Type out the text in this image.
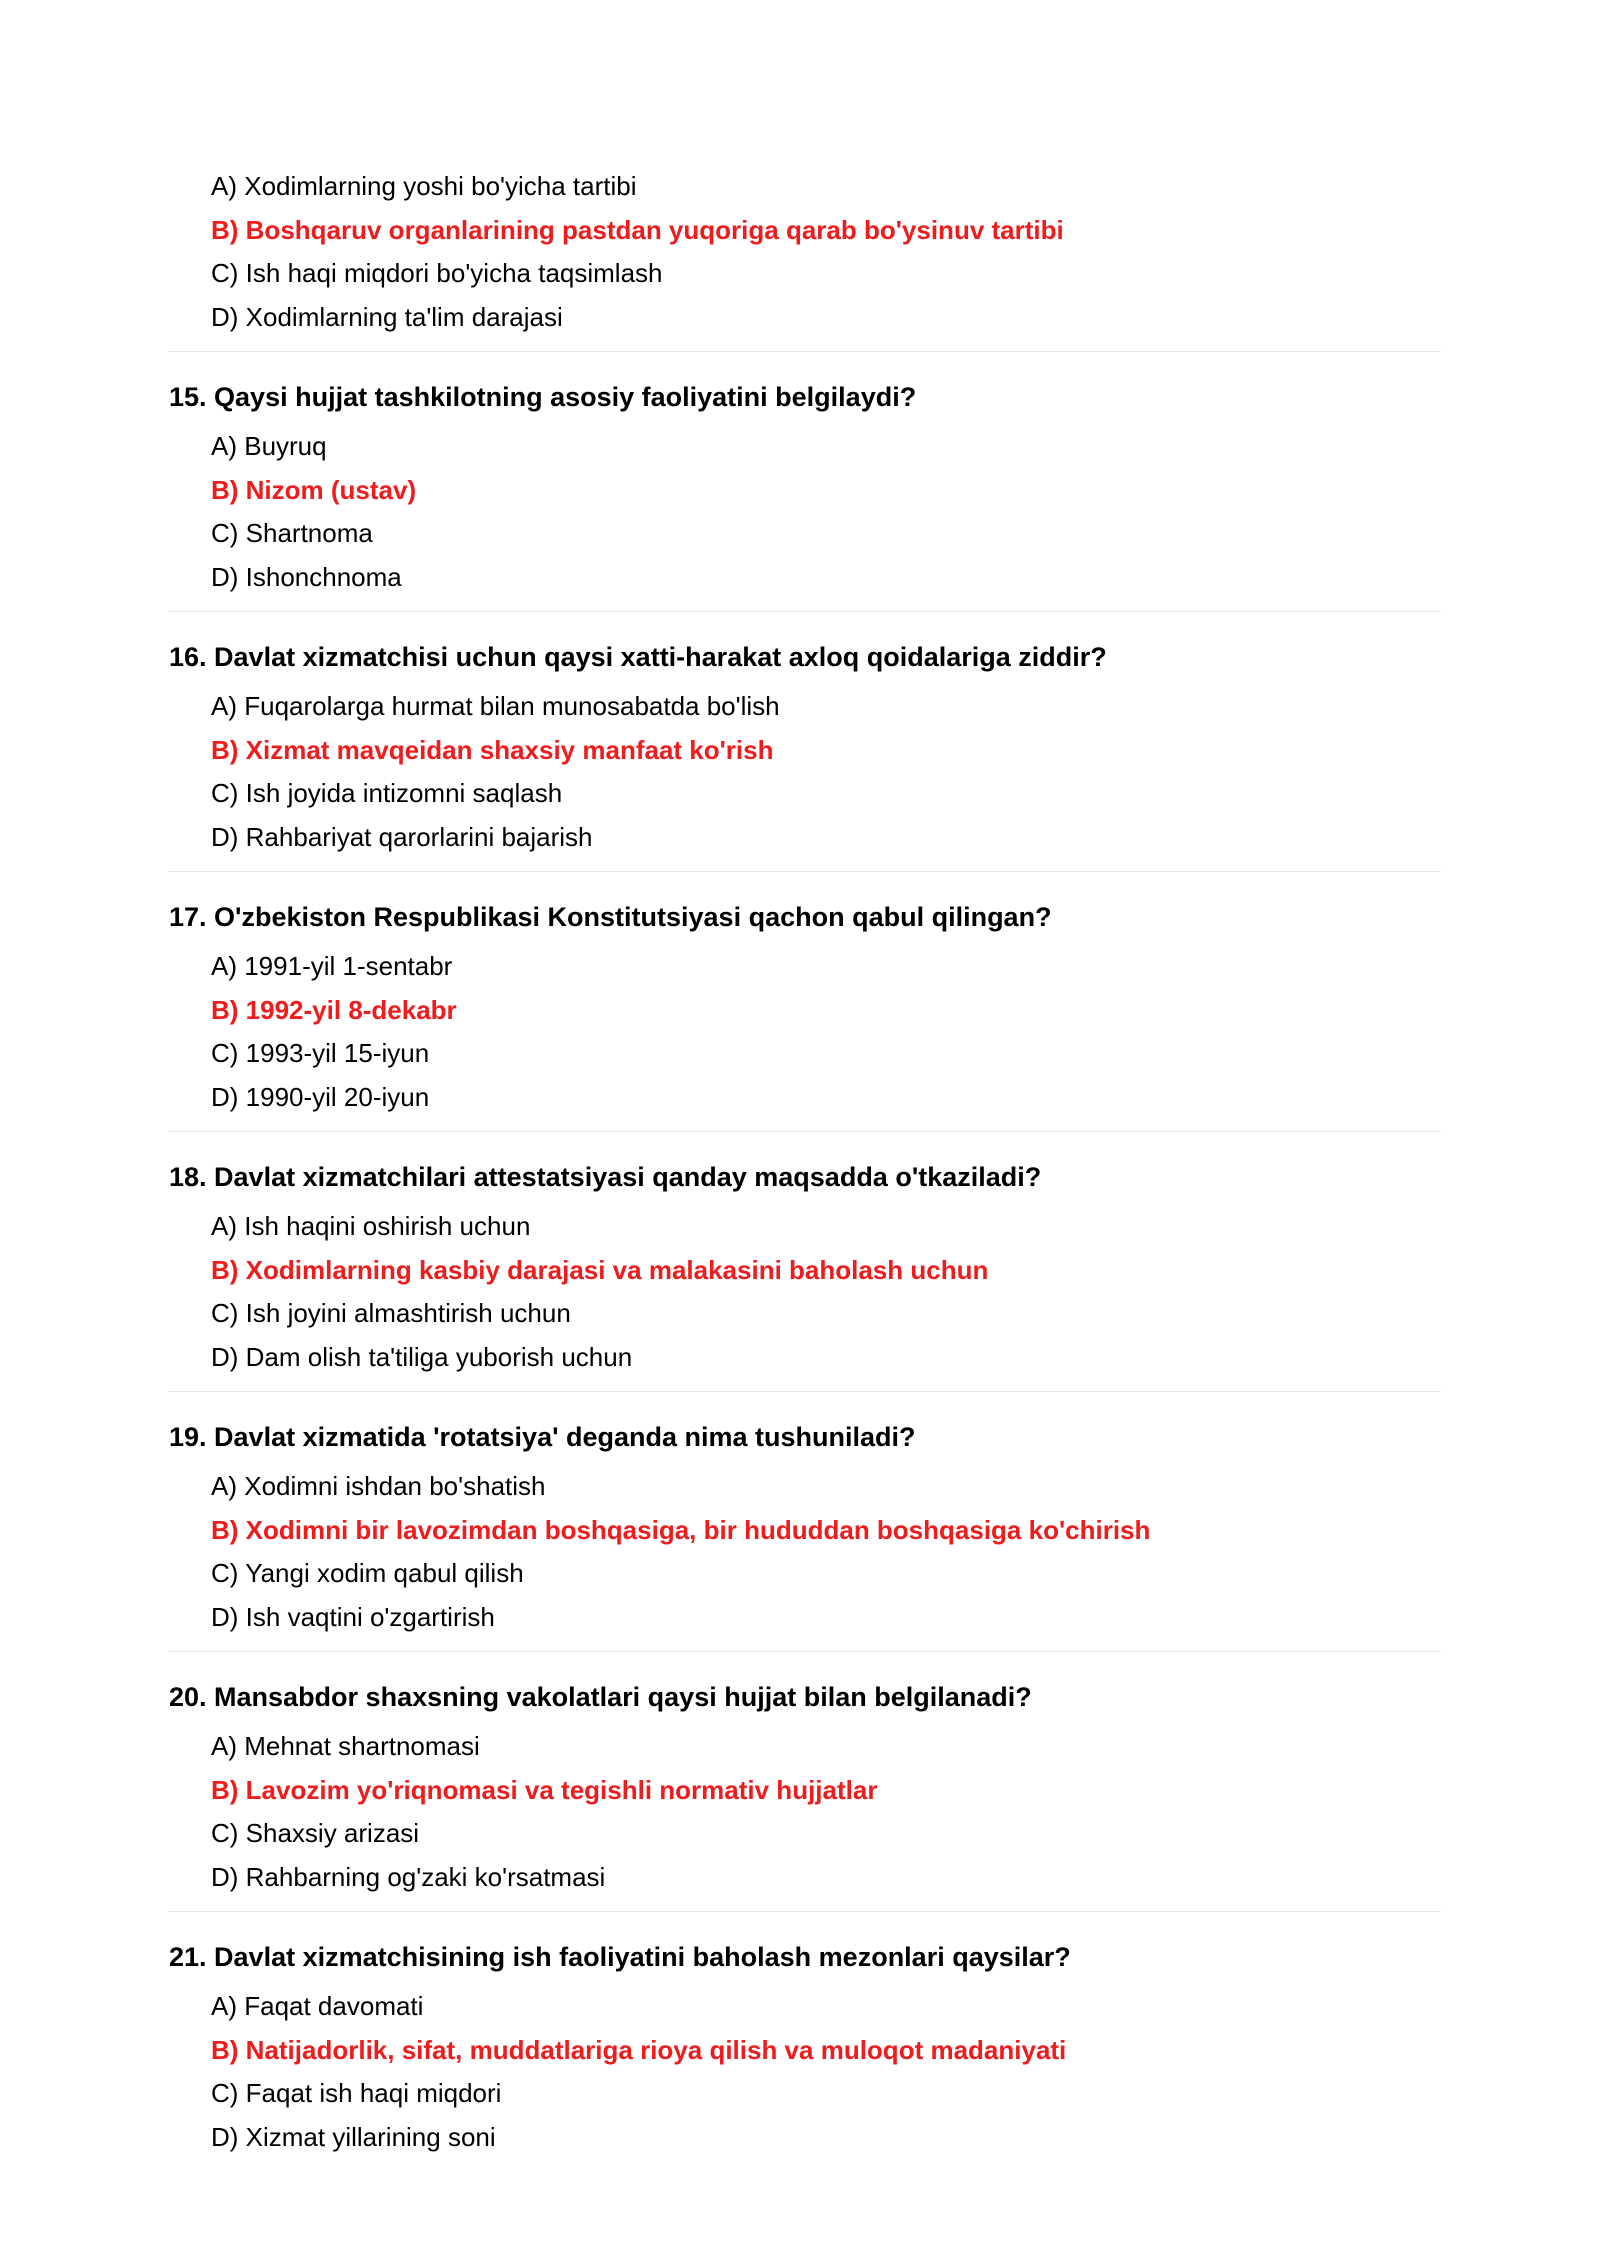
A) Xodimlarning yoshi bo'yicha tartibi
B) Boshqaruv organlarining pastdan yuqoriga qarab bo'ysinuv tartibi
C) Ish haqi miqdori bo'yicha taqsimlash
D) Xodimlarning ta'lim darajasi
15. Qaysi hujjat tashkilotning asosiy faoliyatini belgilaydi?
A) Buyruq
B) Nizom (ustav)
C) Shartnoma
D) Ishonchnoma
16. Davlat xizmatchisi uchun qaysi xatti-harakat axloq qoidalariga ziddir?
A) Fuqarolarga hurmat bilan munosabatda bo'lish
B) Xizmat mavqeidan shaxsiy manfaat ko'rish
C) Ish joyida intizomni saqlash
D) Rahbariyat qarorlarini bajarish
17. O'zbekiston Respublikasi Konstitutsiyasi qachon qabul qilingan?
A) 1991-yil 1-sentabr
B) 1992-yil 8-dekabr
C) 1993-yil 15-iyun
D) 1990-yil 20-iyun
18. Davlat xizmatchilari attestatsiyasi qanday maqsadda o'tkaziladi?
A) Ish haqini oshirish uchun
B) Xodimlarning kasbiy darajasi va malakasini baholash uchun
C) Ish joyini almashtirish uchun
D) Dam olish ta'tiliga yuborish uchun
19. Davlat xizmatida 'rotatsiya' deganda nima tushuniladi?
A) Xodimni ishdan bo'shatish
B) Xodimni bir lavozimdan boshqasiga, bir hududdan boshqasiga ko'chirish
C) Yangi xodim qabul qilish
D) Ish vaqtini o'zgartirish
20. Mansabdor shaxsning vakolatlari qaysi hujjat bilan belgilanadi?
A) Mehnat shartnomasi
B) Lavozim yo'riqnomasi va tegishli normativ hujjatlar
C) Shaxsiy arizasi
D) Rahbarning og'zaki ko'rsatmasi
21. Davlat xizmatchisining ish faoliyatini baholash mezonlari qaysilar?
A) Faqat davomati
B) Natijadorlik, sifat, muddatlariga rioya qilish va muloqot madaniyati
C) Faqat ish haqi miqdori
D) Xizmat yillarining soni
